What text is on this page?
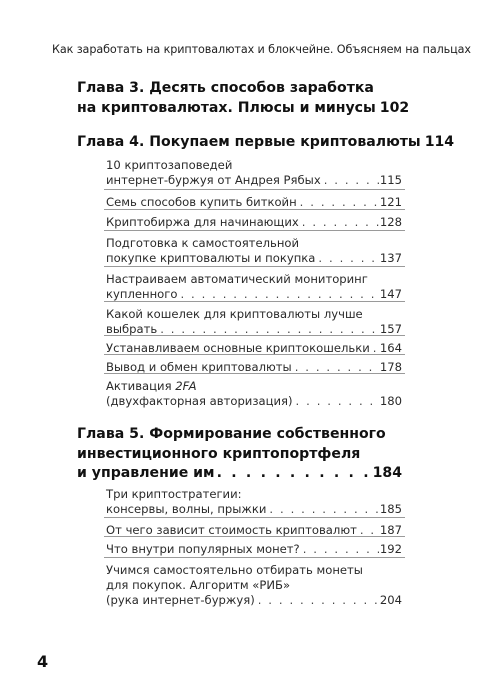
Как заработать на криптовалютах и блокчейне. Объясняем на пальцах
Глава 3. Десять способов заработка
на криптовалютах. Плюсы и минусы 102
Глава 4. Покупаем первые криптовалюты 114
10 криптозаповедей
интернет-буржуя от Андрея Рябых . . .	115
Семь способов купить биткойн . . .	121
Криптобиржа для начинающих . . .	128
Подготовка к самостоятельной
покупке криптовалюты и покупка . . .	137
Настраиваем автоматический мониторинг
купленного . . .	147
Какой кошелек для криптовалюты лучше
выбрать . . .	157
Устанавливаем основные криптокошельки . . . 164
Вывод и обмен криптовалюты . . .	178
Активация 2FA
(двухфакторная авторизация) . . .	180
Глава 5. Формирование собственного
инвестиционного криптопортфеля
и управление им . . .	184
Три криптостратегии:
консервы, волны, прыжки . . .	185
От чего зависит стоимость криптовалют . . . 187
Что внутри популярных монет? . . .	192
Учимся самостоятельно отбирать монеты
для покупок. Алгоритм «РИБ»
(рука интернет-буржуя) . . .	204
4
